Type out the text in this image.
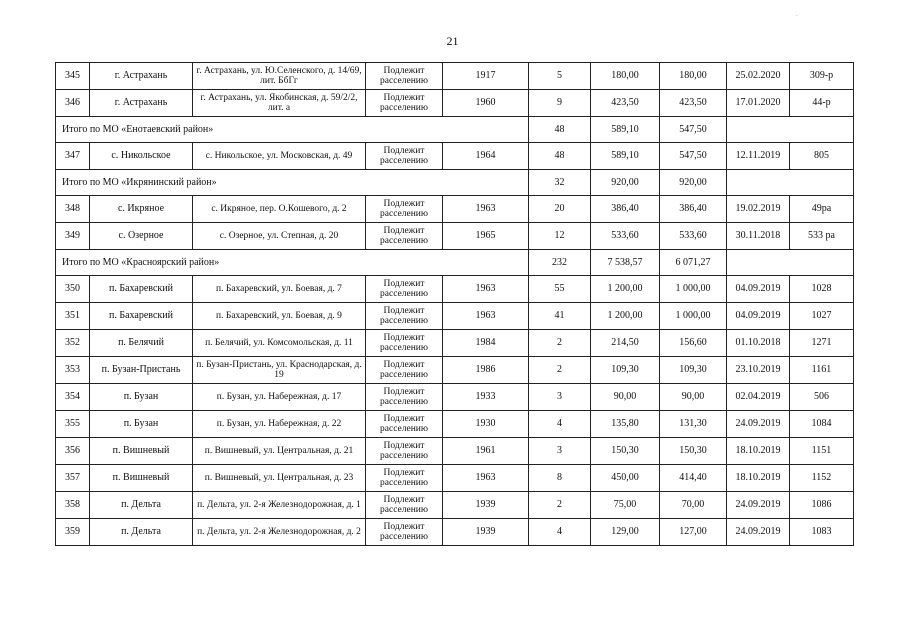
.
21
345	г. Астрахань	г. Астрахань, ул. Ю.Селенского, д. 14/69, лит. БбГг	Подлежит расселению	1917	5	180,00	180,00	25.02.2020	309-р
346	г. Астрахань	г. Астрахань, ул. Якобинская, д. 59/2/2, лит. а	Подлежит расселению	1960	9	423,50	423,50	17.01.2020	44-р
Итого по МО «Енотаевский район»					48	589,10	547,50		
347	с. Никольское	с. Никольское, ул. Московская, д. 49	Подлежит расселению	1964	48	589,10	547,50	12.11.2019	805
Итого по МО «Икрянинский район»					32	920,00	920,00		
348	с. Икряное	с. Икряное, пер. О.Кошевого, д. 2	Подлежит расселению	1963	20	386,40	386,40	19.02.2019	49ра
349	с. Озерное	с. Озерное, ул. Степная, д. 20	Подлежит расселению	1965	12	533,60	533,60	30.11.2018	533 ра
Итого по МО «Красноярский район»					232	7 538,57	6 071,27		
350	п. Бахаревский	п. Бахаревский, ул. Боевая, д. 7	Подлежит расселению	1963	55	1 200,00	1 000,00	04.09.2019	1028
351	п. Бахаревский	п. Бахаревский, ул. Боевая, д. 9	Подлежит расселению	1963	41	1 200,00	1 000,00	04.09.2019	1027
352	п. Белячий	п. Белячий, ул. Комсомольская, д. 11	Подлежит расселению	1984	2	214,50	156,60	01.10.2018	1271
353	п. Бузан-Пристань	п. Бузан-Пристань, ул. Краснодарская, д. 19	Подлежит расселению	1986	2	109,30	109,30	23.10.2019	1161
354	п. Бузан	п. Бузан, ул. Набережная, д. 17	Подлежит расселению	1933	3	90,00	90,00	02.04.2019	506
355	п. Бузан	п. Бузан, ул. Набережная, д. 22	Подлежит расселению	1930	4	135,80	131,30	24.09.2019	1084
356	п. Вишневый	п. Вишневый, ул. Центральная, д. 21	Подлежит расселению	1961	3	150,30	150,30	18.10.2019	1151
357	п. Вишневый	п. Вишневый, ул. Центральная, д. 23	Подлежит расселению	1963	8	450,00	414,40	18.10.2019	1152
358	п. Дельта	п. Дельта, ул. 2-я Железнодорожная, д. 1	Подлежит расселению	1939	2	75,00	70,00	24.09.2019	1086
359	п. Дельта	п. Дельта, ул. 2-я Железнодорожная, д. 2	Подлежит расселению	1939	4	129,00	127,00	24.09.2019	1083
